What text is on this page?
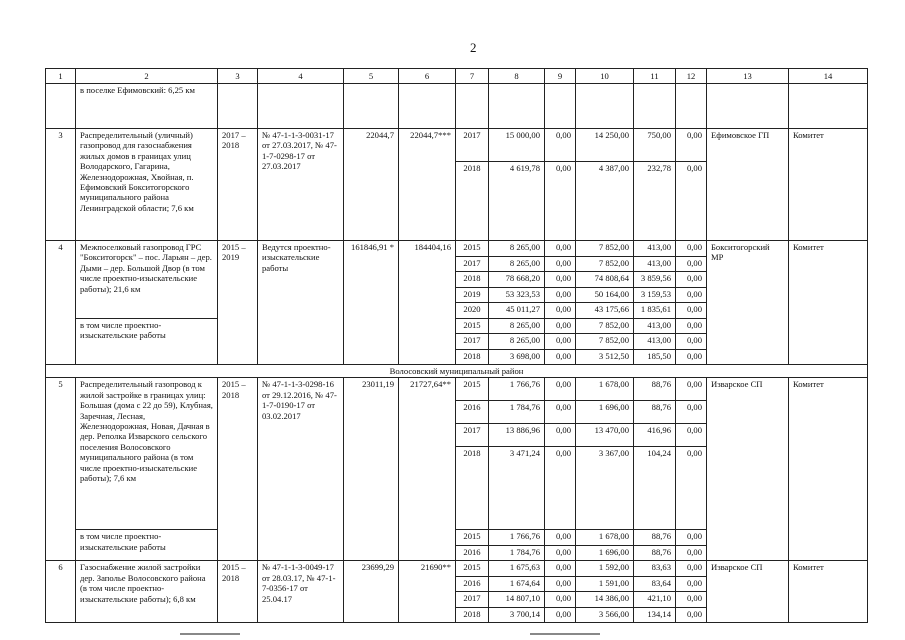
2
1	2	3	4	5	6	7	8	9	10	11	12	13	14
	в поселке Ефимовский: 6,25 км												
3	Распределительный (уличный) газопровод для газоснабжения жилых домов в границах улиц Володарского, Гагарина, Железнодорожная, Хвойная, п. Ефимовский Бокситогорского муниципального района Ленинградской области; 7,6 км	2017 – 2018	№ 47-1-1-3-0031-17 от 27.03.2017, № 47-1-7-0298-17 от 27.03.2017	22044,7	22044,7***	2017	15 000,00	0,00	14 250,00	750,00	0,00	Ефимовское ГП	Комитет
						2018	4 619,78	0,00	4 387,00	232,78	0,00		
4	Межпоселковый газопровод ГРС "Бокситогорск" – пос. Ларьян – дер. Дыми – дер. Большой Двор (в том числе проектно-изыскательские работы); 21,6 км	2015 – 2019	Ведутся проектно-изыскательские работы	161846,91 *	184404,16	2015	8 265,00	0,00	7 852,00	413,00	0,00	Бокситогорский МР	Комитет
						2017	8 265,00	0,00	7 852,00	413,00	0,00		
						2018	78 668,20	0,00	74 808,64	3 859,56	0,00		
						2019	53 323,53	0,00	50 164,00	3 159,53	0,00		
						2020	45 011,27	0,00	43 175,66	1 835,61	0,00		
	в том числе проектно-изыскательские работы					2015	8 265,00	0,00	7 852,00	413,00	0,00		
						2017	8 265,00	0,00	7 852,00	413,00	0,00		
						2018	3 698,00	0,00	3 512,50	185,50	0,00		
Волосовский муниципальный район													
5	Распределительный газопровод к жилой застройке в границах улиц: Большая (дома с 22 до 59), Клубная, Заречная, Лесная, Железнодорожная, Новая, Дачная в дер. Реполка Изварского сельского поселения Волосовского муниципального района (в том числе проектно-изыскательские работы); 7,6 км	2015 – 2018	№ 47-1-1-3-0298-16 от 29.12.2016, № 47-1-7-0190-17 от 03.02.2017	23011,19	21727,64**	2015	1 766,76	0,00	1 678,00	88,76	0,00	Изварское СП	Комитет
						2016	1 784,76	0,00	1 696,00	88,76	0,00		
						2017	13 886,96	0,00	13 470,00	416,96	0,00		
						2018	3 471,24	0,00	3 367,00	104,24	0,00		
	в том числе проектно-изыскательские работы					2015	1 766,76	0,00	1 678,00	88,76	0,00		
						2016	1 784,76	0,00	1 696,00	88,76	0,00		
6	Газоснабжение жилой застройки дер. Заполье Волосовского района (в том числе проектно-изыскательские работы); 6,8 км	2015 – 2018	№ 47-1-1-3-0049-17 от 28.03.17, № 47-1-7-0356-17 от 25.04.17	23699,29	21690**	2015	1 675,63	0,00	1 592,00	83,63	0,00	Изварское СП	Комитет
						2016	1 674,64	0,00	1 591,00	83,64	0,00		
						2017	14 807,10	0,00	14 386,00	421,10	0,00		
						2018	3 700,14	0,00	3 566,00	134,14	0,00		
